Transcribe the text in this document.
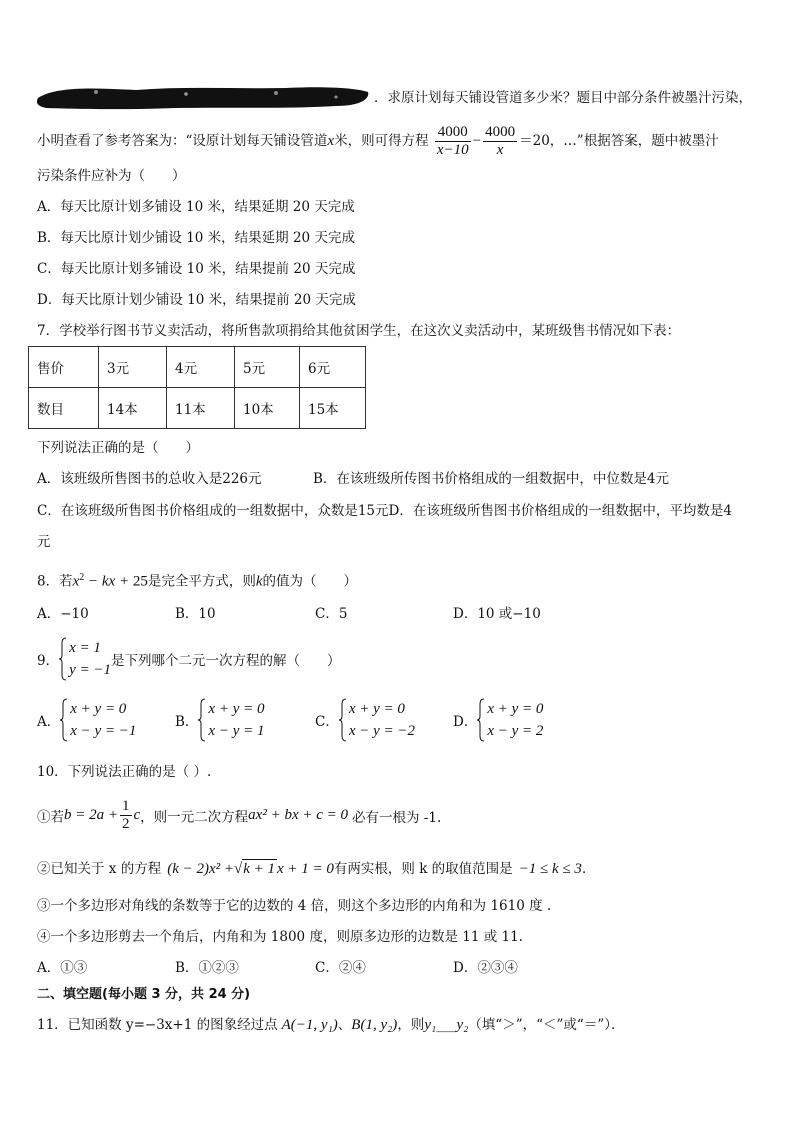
．求原计划每天铺设管道多少米？题目中部分条件被墨汁污染，
小明查看了参考答案为：“设原计划每天铺设管道x米，则可得方程 $\frac{4000}{x-10} - \frac{4000}{x} =20$，…”根据答案，题中被墨汁
污染条件应补为（　　）
A．每天比原计划多铺设 10 米，结果延期 20 天完成
B．每天比原计划少铺设 10 米，结果延期 20 天完成
C．每天比原计划多铺设 10 米，结果提前 20 天完成
D．每天比原计划少铺设 10 米，结果提前 20 天完成
7．学校举行图书节义卖活动，将所售款项捐给其他贫困学生，在这次义卖活动中，某班级售书情况如下表：
售价	3元	4元	5元	6元
数目	14本	11本	10本	15本
下列说法正确的是（　　）
A．该班级所售图书的总收入是226元	B．在该班级所传图书价格组成的一组数据中，中位数是4元
C．在该班级所售图书价格组成的一组数据中，众数是15元D．在该班级所售图书价格组成的一组数据中，平均数是4
元
8．若$x^2$ − kx + 25是完全平方式，则k的值为（　　）
A．−10	B．10	C．5	D．10 或−10
9．
x = 1
y = −1
是下列哪个二元一次方程的解（　　）
A．
x + y = 0
x − y = −1
B．
x + y = 0
x − y = 1
C．
x + y = 0
x − y = −2
D．
x + y = 0
x − y = 2
10．下列说法正确的是（ ）.
①若$b = 2a + \frac{1}{2}$ c，则一元二次方程ax² + bx + c = 0 必有一根为 -1.
②已知关于 x 的方程 (k − 2)x² +√k + 1 x + 1 = 0有两实根，则 k 的取值范围是 −1 ≤ k ≤ 3．
③一个多边形对角线的条数等于它的边数的 4 倍，则这个多边形的内角和为 1610 度 .
④一个多边形剪去一个角后，内角和为 1800 度，则原多边形的边数是 11 或 11.
A．①③	B．①②③	C．②④	D．②③④
二、填空题(每小题 3 分，共 24 分)
11．已知函数 y=−3x+1 的图象经过点 A(−1, y₁)、B(1, y₂)，则y₁___y₂（填“＞”，“＜”或“＝”）．
